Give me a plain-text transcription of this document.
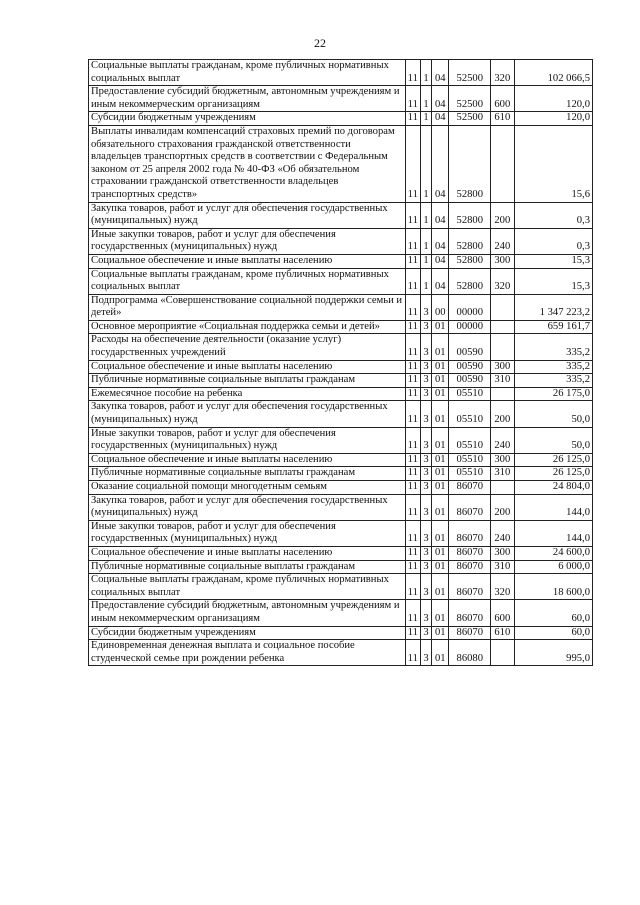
22
Социальные выплаты гражданам, кроме публичных нормативных социальных выплат	11	1	04	52500	320	102 066,5
Предоставление субсидий бюджетным, автономным учреждениям и иным некоммерческим организациям	11	1	04	52500	600	120,0
Субсидии бюджетным учреждениям	11	1	04	52500	610	120,0
Выплаты инвалидам компенсаций страховых премий по договорам обязательного страхования гражданской ответственности владельцев транспортных средств в соответствии с Федеральным законом от 25 апреля 2002 года № 40-ФЗ «Об обязательном страховании гражданской ответственности владельцев транспортных средств»	11	1	04	52800		15,6
Закупка товаров, работ и услуг для обеспечения государственных (муниципальных) нужд	11	1	04	52800	200	0,3
Иные закупки товаров, работ и услуг для обеспечения государственных (муниципальных) нужд	11	1	04	52800	240	0,3
Социальное обеспечение и иные выплаты населению	11	1	04	52800	300	15,3
Социальные выплаты гражданам, кроме публичных нормативных социальных выплат	11	1	04	52800	320	15,3
Подпрограмма «Совершенствование социальной поддержки семьи и детей»	11	3	00	00000		1 347 223,2
Основное мероприятие «Социальная поддержка семьи и детей»	11	3	01	00000		659 161,7
Расходы на обеспечение деятельности (оказание услуг) государственных учреждений	11	3	01	00590		335,2
Социальное обеспечение и иные выплаты населению	11	3	01	00590	300	335,2
Публичные нормативные социальные выплаты гражданам	11	3	01	00590	310	335,2
Ежемесячное пособие на ребенка	11	3	01	05510		26 175,0
Закупка товаров, работ и услуг для обеспечения государственных (муниципальных) нужд	11	3	01	05510	200	50,0
Иные закупки товаров, работ и услуг для обеспечения государственных (муниципальных) нужд	11	3	01	05510	240	50,0
Социальное обеспечение и иные выплаты населению	11	3	01	05510	300	26 125,0
Публичные нормативные социальные выплаты гражданам	11	3	01	05510	310	26 125,0
Оказание социальной помощи многодетным семьям	11	3	01	86070		24 804,0
Закупка товаров, работ и услуг для обеспечения государственных (муниципальных) нужд	11	3	01	86070	200	144,0
Иные закупки товаров, работ и услуг для обеспечения государственных (муниципальных) нужд	11	3	01	86070	240	144,0
Социальное обеспечение и иные выплаты населению	11	3	01	86070	300	24 600,0
Публичные нормативные социальные выплаты гражданам	11	3	01	86070	310	6 000,0
Социальные выплаты гражданам, кроме публичных нормативных социальных выплат	11	3	01	86070	320	18 600,0
Предоставление субсидий бюджетным, автономным учреждениям и иным некоммерческим организациям	11	3	01	86070	600	60,0
Субсидии бюджетным учреждениям	11	3	01	86070	610	60,0
Единовременная денежная выплата и социальное пособие студенческой семье при рождении ребенка	11	3	01	86080		995,0
